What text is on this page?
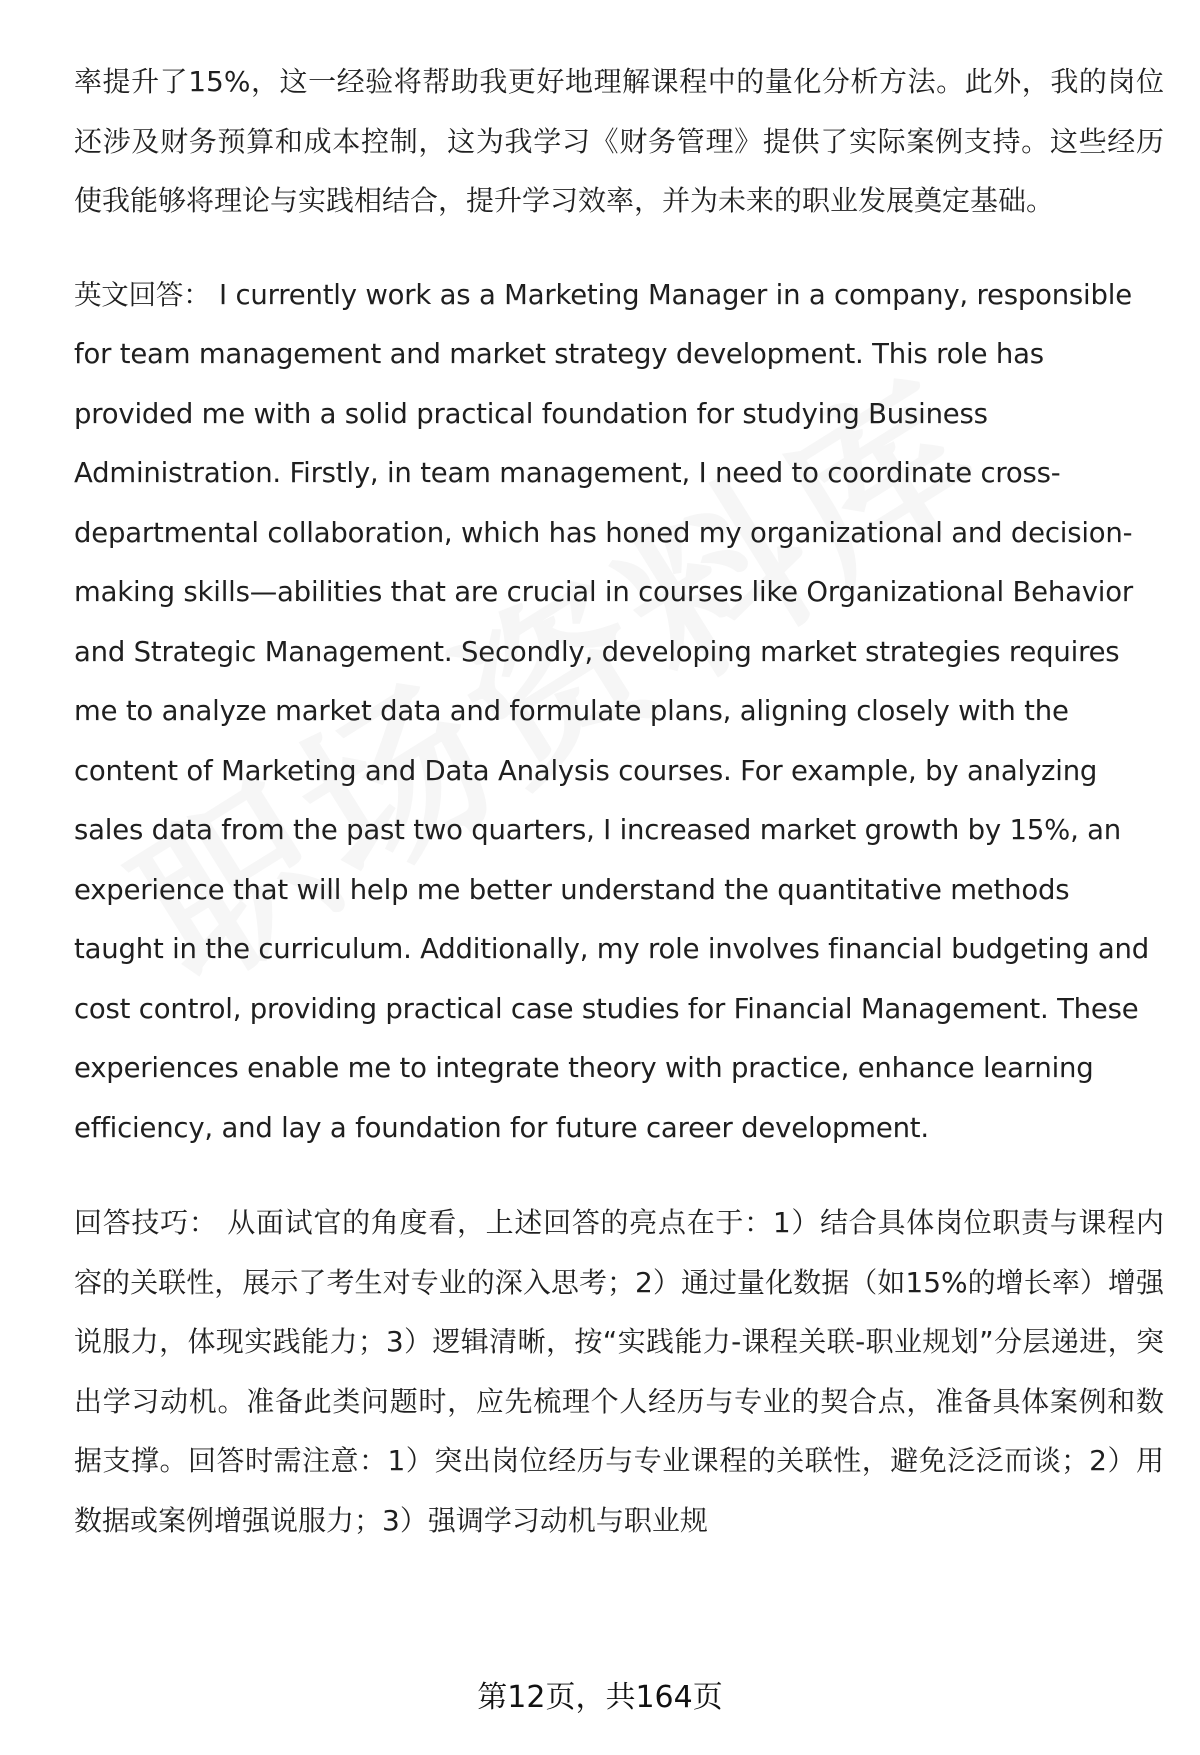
率提升了15%，这一经验将帮助我更好地理解课程中的量化分析方法。此外，我的岗位还涉及财务预算和成本控制，这为我学习《财务管理》提供了实际案例支持。这些经历使我能够将理论与实践相结合，提升学习效率，并为未来的职业发展奠定基础。

英文回答： I currently work as a Marketing Manager in a company, responsible for team management and market strategy development. This role has provided me with a solid practical foundation for studying Business Administration. Firstly, in team management, I need to coordinate cross-departmental collaboration, which has honed my organizational and decision-making skills—abilities that are crucial in courses like Organizational Behavior and Strategic Management. Secondly, developing market strategies requires me to analyze market data and formulate plans, aligning closely with the content of Marketing and Data Analysis courses. For example, by analyzing sales data from the past two quarters, I increased market growth by 15%, an experience that will help me better understand the quantitative methods taught in the curriculum. Additionally, my role involves financial budgeting and cost control, providing practical case studies for Financial Management. These experiences enable me to integrate theory with practice, enhance learning efficiency, and lay a foundation for future career development.

回答技巧： 从面试官的角度看，上述回答的亮点在于：1）结合具体岗位职责与课程内容的关联性，展示了考生对专业的深入思考；2）通过量化数据（如15%的增长率）增强说服力，体现实践能力；3）逻辑清晰，按“实践能力-课程关联-职业规划”分层递进，突出学习动机。准备此类问题时，应先梳理个人经历与专业的契合点，准备具体案例和数据支撑。回答时需注意：1）突出岗位经历与专业课程的关联性，避免泛泛而谈；2）用数据或案例增强说服力；3）强调学习动机与职业规

第12页，共164页
